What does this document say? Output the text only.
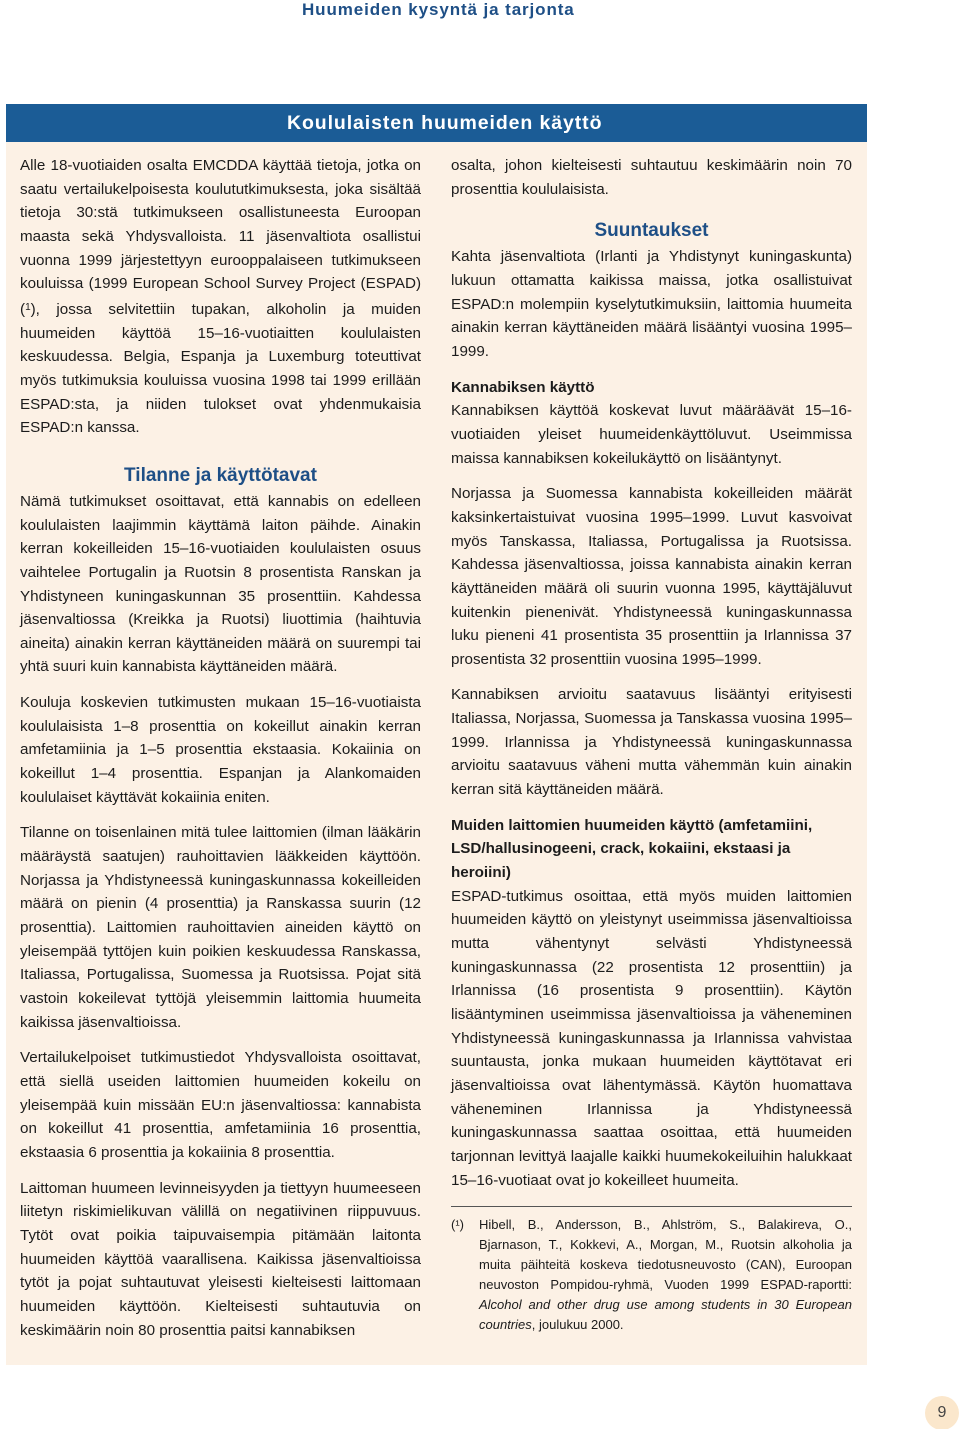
Huumeiden kysyntä ja tarjonta
Koululaisten huumeiden käyttö

Alle 18-vuotiaiden osalta EMCDDA käyttää tietoja, jotka on saatu vertailukelpoisesta koulututkimuksesta, joka sisältää tietoja 30:stä tutkimukseen osallistuneesta Euroopan maasta sekä Yhdysvalloista. 11 jäsenvaltiota osallistui vuonna 1999 järjestettyyn eurooppalaiseen tutkimukseen kouluissa (1999 European School Survey Project (ESPAD) ($^1$), jossa selvitettiin tupakan, alkoholin ja muiden huumeiden käyttöä 15–16-vuotiaitten koululaisten keskuudessa. Belgia, Espanja ja Luxemburg toteuttivat myös tutkimuksia kouluissa vuosina 1998 tai 1999 erillään ESPAD:sta, ja niiden tulokset ovat yhdenmukaisia ESPAD:n kanssa.

Tilanne ja käyttötavat

Nämä tutkimukset osoittavat, että kannabis on edelleen koululaisten laajimmin käyttämä laiton päihde. Ainakin kerran kokeilleiden 15–16-vuotiaiden koululaisten osuus vaihtelee Portugalin ja Ruotsin 8 prosentista Ranskan ja Yhdistyneen kuningaskunnan 35 prosenttiin. Kahdessa jäsenvaltiossa (Kreikka ja Ruotsi) liuottimia (haihtuvia aineita) ainakin kerran käyttäneiden määrä on suurempi tai yhtä suuri kuin kannabista käyttäneiden määrä.

Kouluja koskevien tutkimusten mukaan 15–16-vuotiaista koululaisista 1–8 prosenttia on kokeillut ainakin kerran amfetamiinia ja 1–5 prosenttia ekstaasia. Kokaiinia on kokeillut 1–4 prosenttia. Espanjan ja Alankomaiden koululaiset käyttävät kokaiinia eniten.

Tilanne on toisenlainen mitä tulee laittomien (ilman lääkärin määräystä saatujen) rauhoittavien lääkkeiden käyttöön. Norjassa ja Yhdistyneessä kuningaskunnassa kokeilleiden määrä on pienin (4 prosenttia) ja Ranskassa suurin (12 prosenttia). Laittomien rauhoittavien aineiden käyttö on yleisempää tyttöjen kuin poikien keskuudessa Ranskassa, Italiassa, Portugalissa, Suomessa ja Ruotsissa. Pojat sitä vastoin kokeilevat tyttöjä yleisemmin laittomia huumeita kaikissa jäsenvaltioissa.

Vertailukelpoiset tutkimustiedot Yhdysvalloista osoittavat, että siellä useiden laittomien huumeiden kokeilu on yleisempää kuin missään EU:n jäsenvaltiossa: kannabista on kokeillut 41 prosenttia, amfetamiinia 16 prosenttia, ekstaasia 6 prosenttia ja kokaiinia 8 prosenttia.

Laittoman huumeen levinneisyyden ja tiettyyn huumeeseen liitetyn riskimielikuvan välillä on negatiivinen riippuvuus. Tytöt ovat poikia taipuvaisempia pitämään laitonta huumeiden käyttöä vaarallisena. Kaikissa jäsenvaltioissa tytöt ja pojat suhtautuvat yleisesti kielteisesti laittomaan huumeiden käyttöön. Kielteisesti suhtautuvia on keskimäärin noin 80 prosenttia paitsi kannabiksen

osalta, johon kielteisesti suhtautuu keskimäärin noin 70 prosenttia koululaisista.

Suuntaukset

Kahta jäsenvaltiota (Irlanti ja Yhdistynyt kuningaskunta) lukuun ottamatta kaikissa maissa, jotka osallistuivat ESPAD:n molempiin kyselytutkimuksiin, laittomia huumeita ainakin kerran käyttäneiden määrä lisääntyi vuosina 1995–1999.

Kannabiksen käyttö

Kannabiksen käyttöä koskevat luvut määräävät 15–16-vuotiaiden yleiset huumeidenkäyttöluvut. Useimmissa maissa kannabiksen kokeilukäyttö on lisääntynyt.

Norjassa ja Suomessa kannabista kokeilleiden määrät kaksinkertaistuivat vuosina 1995–1999. Luvut kasvoivat myös Tanskassa, Italiassa, Portugalissa ja Ruotsissa. Kahdessa jäsenvaltiossa, joissa kannabista ainakin kerran käyttäneiden määrä oli suurin vuonna 1995, käyttäjäluvut kuitenkin pienenivät. Yhdistyneessä kuningaskunnassa luku pieneni 41 prosentista 35 prosenttiin ja Irlannissa 37 prosentista 32 prosenttiin vuosina 1995–1999.

Kannabiksen arvioitu saatavuus lisääntyi erityisesti Italiassa, Norjassa, Suomessa ja Tanskassa vuosina 1995–1999. Irlannissa ja Yhdistyneessä kuningaskunnassa arvioitu saatavuus väheni mutta vähemmän kuin ainakin kerran sitä käyttäneiden määrä.

Muiden laittomien huumeiden käyttö (amfetamiini, LSD/hallusinogeeni, crack, kokaiini, ekstaasi ja heroiini)

ESPAD-tutkimus osoittaa, että myös muiden laittomien huumeiden käyttö on yleistynyt useimmissa jäsenvaltioissa mutta vähentynyt selvästi Yhdistyneessä kuningaskunnassa (22 prosentista 12 prosenttiin) ja Irlannissa (16 prosentista 9 prosenttiin). Käytön lisääntyminen useimmissa jäsenvaltioissa ja väheneminen Yhdistyneessä kuningaskunnassa ja Irlannissa vahvistaa suuntausta, jonka mukaan huumeiden käyttötavat eri jäsenvaltioissa ovat lähentymässä. Käytön huomattava väheneminen Irlannissa ja Yhdistyneessä kuningaskunnassa saattaa osoittaa, että huumeiden tarjonnan levittyä laajalle kaikki huumekokeiluihin halukkaat 15–16-vuotiaat ovat jo kokeilleet huumeita.

(¹)	Hibell, B., Andersson, B., Ahlström, S., Balakireva, O., Bjarnason, T., Kokkevi, A., Morgan, M., Ruotsin alkoholia ja muita päihteitä koskeva tiedotusneuvosto (CAN), Euroopan neuvoston Pompidou-ryhmä, Vuoden 1999 ESPAD-raportti: Alcohol and other drug use among students in 30 European countries, joulukuu 2000.
9
